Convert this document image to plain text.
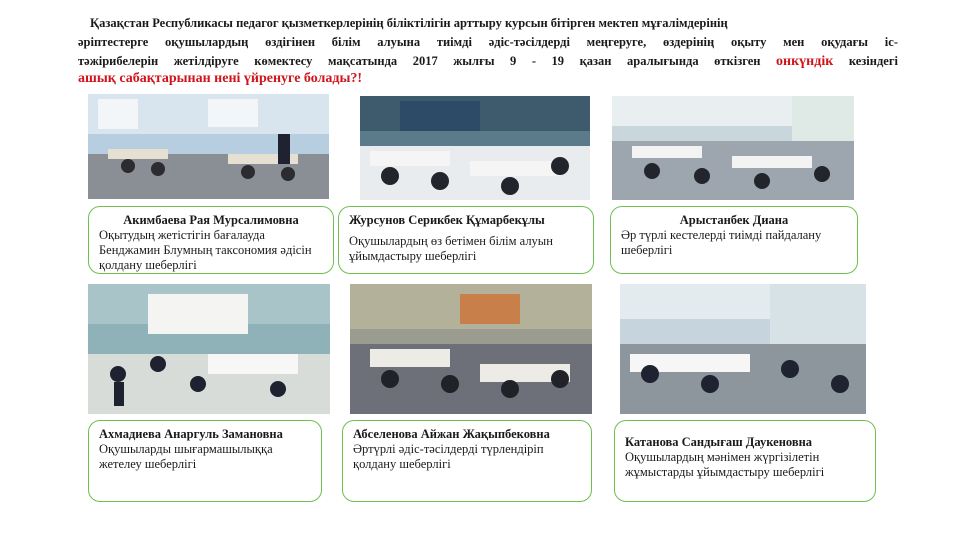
Қазақстан Республикасы педагог қызметкерлерінің біліктілігін арттыру курсын бітірген мектеп мұғалімдерінің
әріптестерге оқушылардың өздігінен білім алуына тиімді әдіс-тәсілдерді меңгеруге, өздерінің оқыту мен оқудағы іс-
тәжірибелерін жетілдіруге көмектесу мақсатында 2017 жылғы 9 - 19 қазан аралығында өткізген онкүндік кезіндегі
ашық сабақтарынан нені үйренуге болады?!
Акимбаева Рая Мурсалимовна
Оқытудың жетістігін бағалауда Бенджамин Блумның таксономия әдісін қолдану шеберлігі
Журсунов Серикбек Құмарбекұлы
Оқушылардың өз бетімен білім алуын ұйымдастыру шеберлігі
Арыстанбек Диана
Әр түрлі кестелерді тиімді пайдалану шеберлігі
Ахмадиева Анаргуль Замановна
Оқушыларды шығармашылыққа жетелеу шеберлігі
Абселенова Айжан Жақыпбековна
Әртүрлі әдіс-тәсілдерді түрлендіріп қолдану шеберлігі
Катанова Сандығаш Даукеновна
Оқушылардың мәнімен жүргізілетін жұмыстарды ұйымдастыру шеберлігі
